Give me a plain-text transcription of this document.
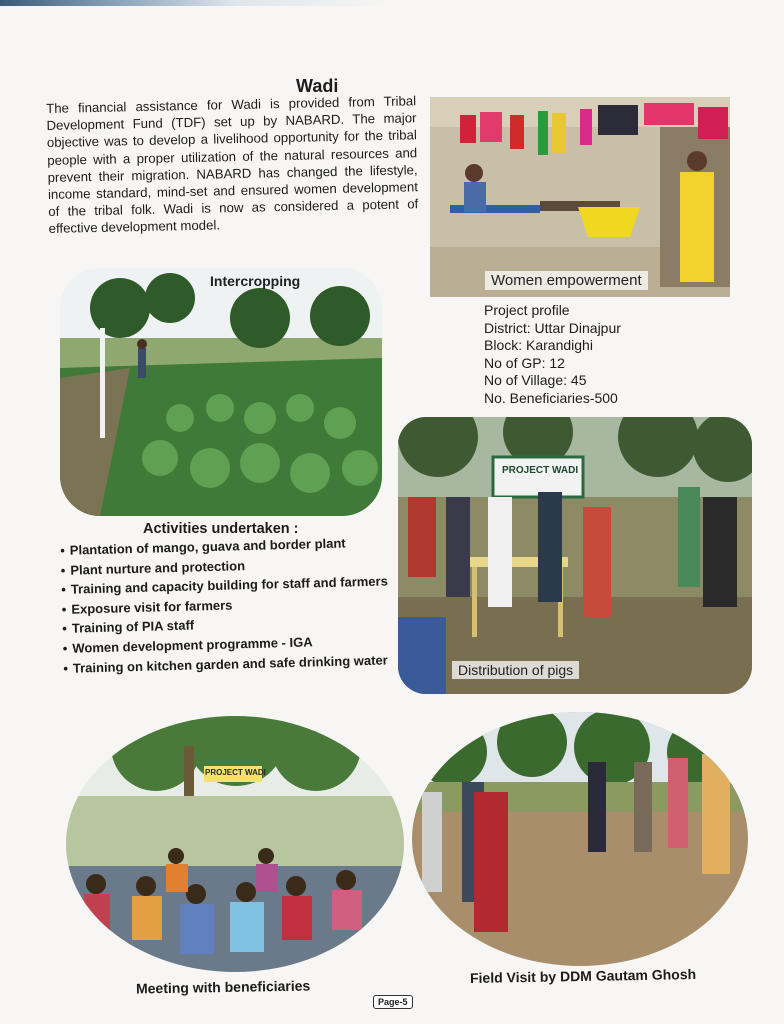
Wadi
The financial assistance for Wadi is provided from Tribal Development Fund (TDF) set up by NABARD. The major objective was to develop a livelihood opportunity for the tribal people with a proper utilization of the natural resources and prevent their migration. NABARD has changed the lifestyle, income standard, mind-set and ensured women development of the tribal folk. Wadi is now as considered a potent of effective development model.
Women empowerment
Intercropping
Project profile
District: Uttar Dinajpur
Block: Karandighi
No of GP: 12
No of Village: 45
No. Beneficiaries-500
PROJECT WADI
Distribution of pigs
Activities undertaken :
• Plantation of mango, guava and border plant
• Plant nurture and protection
• Training and capacity building for staff and farmers
• Exposure visit for farmers
• Training of PIA staff
• Women development programme - IGA
• Training on kitchen garden and safe drinking water
PROJECT WADI
Meeting with beneficiaries
Field Visit by DDM Gautam Ghosh
Page-5
